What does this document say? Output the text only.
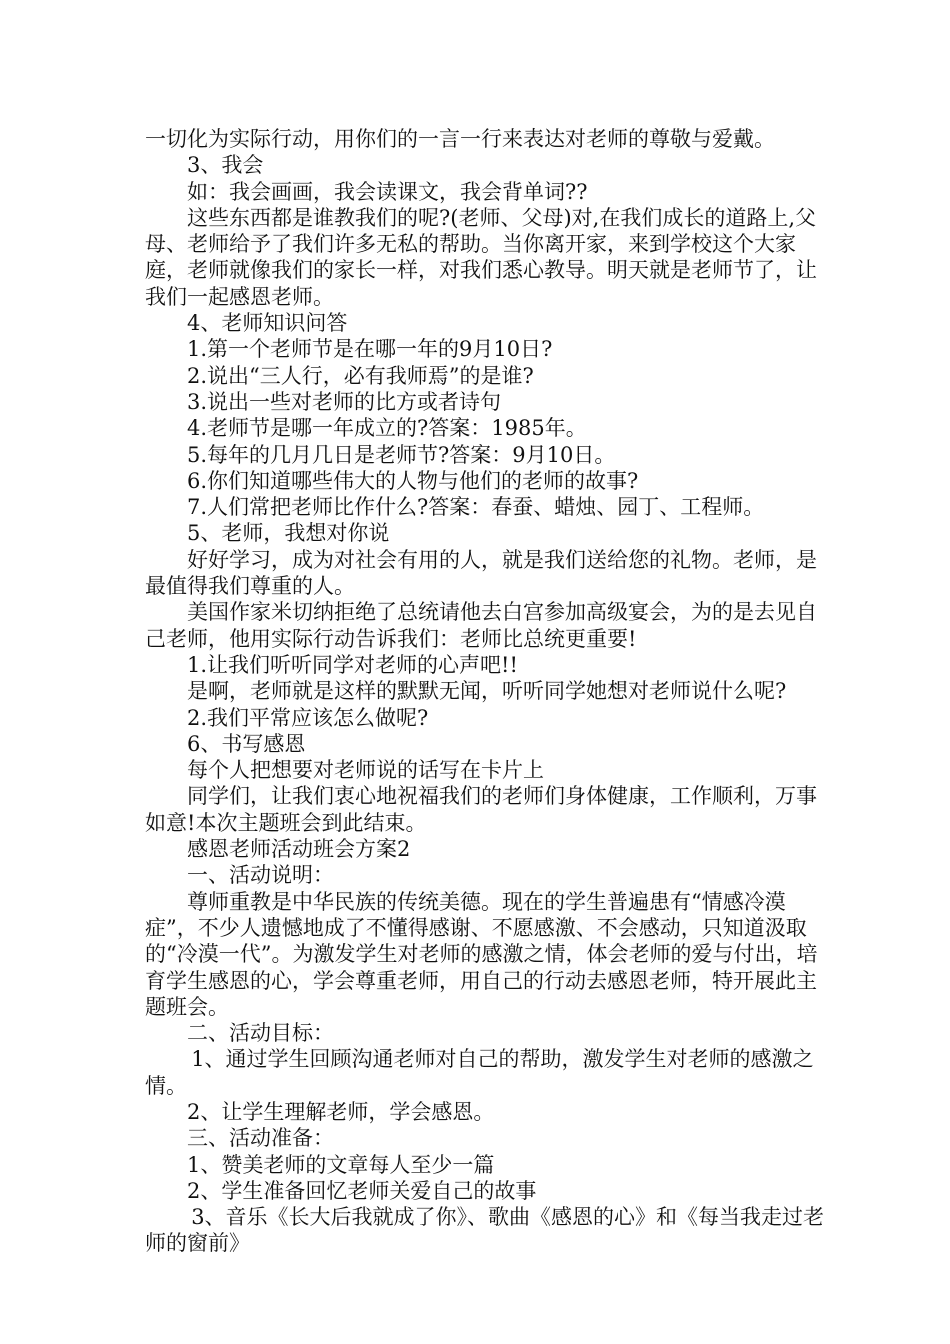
一切化为实际行动，用你们的一言一行来表达对老师的尊敬与爱戴。

3、我会

如：我会画画，我会读课文，我会背单词??

这些东西都是谁教我们的呢?(老师、父母)对,在我们成长的道路上,父母、老师给予了我们许多无私的帮助。当你离开家，来到学校这个大家庭，老师就像我们的家长一样，对我们悉心教导。明天就是老师节了，让我们一起感恩老师。

4、老师知识问答

1.第一个老师节是在哪一年的9月10日?

2.说出“三人行，必有我师焉”的是谁?

3.说出一些对老师的比方或者诗句

4.老师节是哪一年成立的?答案：1985年。

5.每年的几月几日是老师节?答案：9月10日。

6.你们知道哪些伟大的人物与他们的老师的故事?

7.人们常把老师比作什么?答案：春蚕、蜡烛、园丁、工程师。

5、老师，我想对你说

好好学习，成为对社会有用的人，就是我们送给您的礼物。老师，是最值得我们尊重的人。

美国作家米切纳拒绝了总统请他去白宫参加高级宴会，为的是去见自己老师，他用实际行动告诉我们：老师比总统更重要!

1.让我们听听同学对老师的心声吧!!

是啊，老师就是这样的默默无闻，听听同学她想对老师说什么呢?

2.我们平常应该怎么做呢?

6、书写感恩

每个人把想要对老师说的话写在卡片上

同学们，让我们衷心地祝福我们的老师们身体健康，工作顺利，万事如意!本次主题班会到此结束。

感恩老师活动班会方案2

一、活动说明：

尊师重教是中华民族的传统美德。现在的学生普遍患有“情感冷漠症”，不少人遗憾地成了不懂得感谢、不愿感激、不会感动，只知道汲取的“冷漠一代”。为激发学生对老师的感激之情，体会老师的爱与付出，培育学生感恩的心，学会尊重老师，用自己的行动去感恩老师，特开展此主题班会。

二、活动目标：

1、通过学生回顾沟通老师对自己的帮助，激发学生对老师的感激之情。

2、让学生理解老师，学会感恩。

三、活动准备：

1、赞美老师的文章每人至少一篇

2、学生准备回忆老师关爱自己的故事

3、音乐《长大后我就成了你》、歌曲《感恩的心》和《每当我走过老师的窗前》
